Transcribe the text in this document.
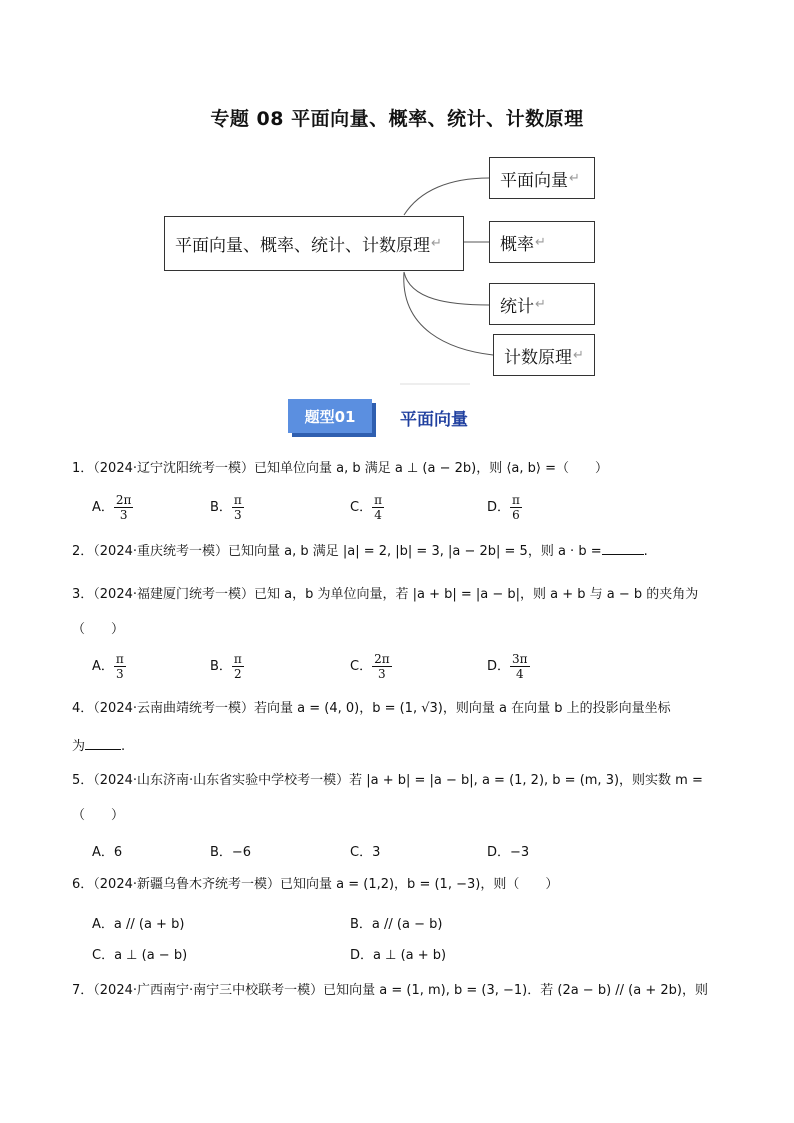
专题 08 平面向量、概率、统计、计数原理
平面向量、概率、统计、计数原理 ↵
平面向量 ↵
概率 ↵
统计 ↵
计数原理 ↵
题型01	平面向量
1．（2024·辽宁沈阳统考一模）已知单位向量 a, b 满足 a ⊥ (a − 2b)，则 ⟨a, b⟩ =（　　）
A． $\frac{2\pi}{3}$	B． $\frac{\pi}{3}$	C． $\frac{\pi}{4}$	D． $\frac{\pi}{6}$
2．（2024·重庆统考一模）已知向量 a, b 满足 |a| = 2, |b| = 3, |a − 2b| = 5，则 a · b =	.
3．（2024·福建厦门统考一模）已知 a，b 为单位向量，若 |a + b| = |a − b|，则 a + b 与 a − b 的夹角为
（　　）
A． $\frac{\pi}{3}$	B． $\frac{\pi}{2}$	C． $\frac{2\pi}{3}$	D． $\frac{3\pi}{4}$
4．（2024·云南曲靖统考一模）若向量 a = (4, 0)，b = (1, √3)，则向量 a 在向量 b 上的投影向量坐标
为	.
5．（2024·山东济南·山东省实验中学校考一模）若 |a + b| = |a − b|, a = (1, 2), b = (m, 3)，则实数 m =
（　　）
A．6	B．−6	C．3	D．−3
6．（2024·新疆乌鲁木齐统考一模）已知向量 a = (1,2)，b = (1, −3)，则（　　）
A．a // (a + b)	B．a // (a − b)
C．a ⊥ (a − b)	D．a ⊥ (a + b)
7．（2024·广西南宁·南宁三中校联考一模）已知向量 a = (1, m), b = (3, −1)．若 (2a − b) // (a + 2b)，则
